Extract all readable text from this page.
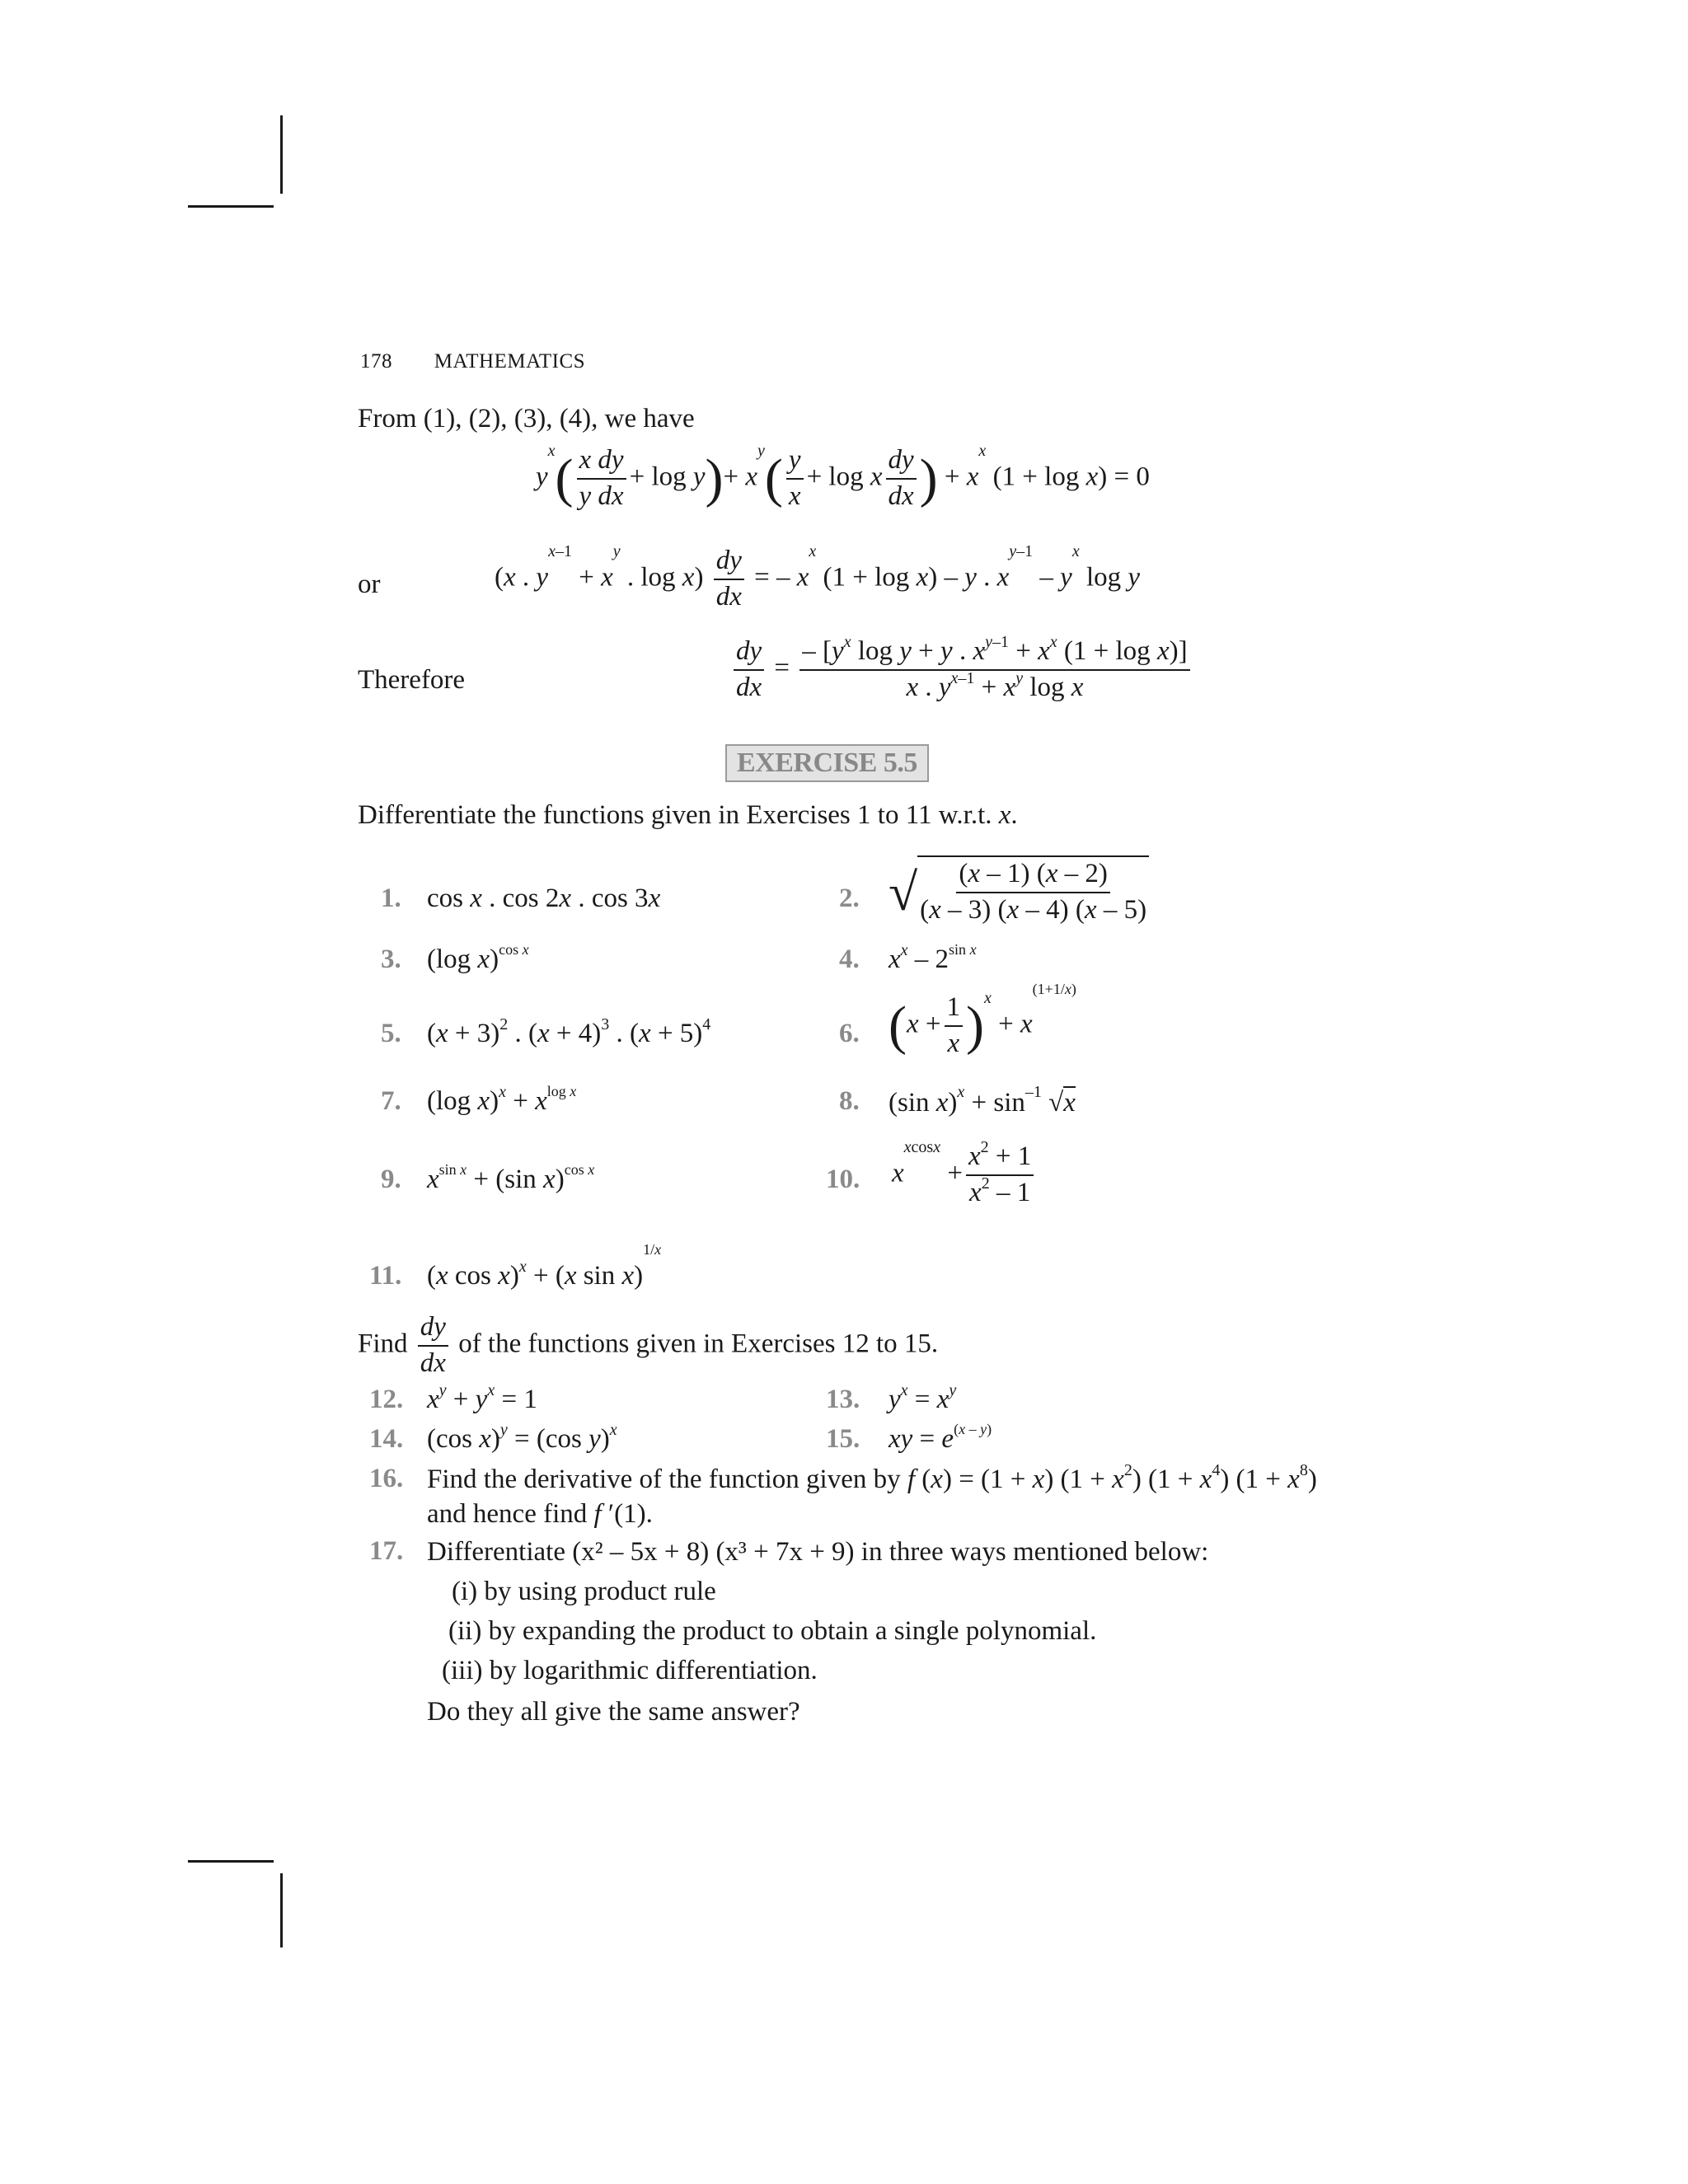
178 MATHEMATICS
From (1), (2), (3), (4), we have
$y^x( \frac{\text{x dy}}{\text{y dx}} + \log y)+ x^y( \frac{y}{x} + \log x \frac{dy}{dx}$ ) + $x^x$ (1 + log x) = 0
or	(x . $y^{x-1} + x^y$ . $\log x) \frac{dy}{dx}$ = – $x^x$ (1 + log x) – y . $x^{y-1} - y^x$ log y
Therefore	$\frac{dy}{dx} = \frac{- [y^x \log y + y . x^{y-1} + x^x (1 + \log x)]}{x . y^{x-1} + x^y \log x}$
EXERCISE 5.5
Differentiate the functions given in Exercises 1 to 11 w.r.t. x.
1. cos x . cos 2x . cos 3x	2. √ $\frac{(x - 1) (x - 2)}{(x - 3) (x - 4) (x - 5)}$
3. (log x)$^{cos x}$	4. $x^x - 2^{sin x}$
5. $(x + 3)^2$ . $(x + 4)^3$ . $(x + 5)^4$	6. $(x + \frac{1}{x} )^x + x^{(1+1/x)}$
7. (log $x)^x + x^{log x}$	8. (sin $x)^x + \sin^{-1} √x$
9. $x^{sin x} + (\sin$ x)$^{cos x}$	10. $x^{xcosx} + \frac{x^2 + 1}{x^2 - 1}$
11. (x cos x)$^x$ + (x sin x)$^{1/x}$
Find $\frac{dy}{dx}$ of the functions given in Exercises 12 to 15.
12. $x^y + y^x = 1$	13. $y^x = x^y$
14. (cos x)$^y$ = (cos y)$^x$	15. xy = $e^{(x - y)}$
16. Find the derivative of the function given by f (x) = (1 + x) $(1 + x^2)$ $(1 + x^4)$ $(1 + x^8)$
and hence find f ′(1).
17. Differentiate (x² – 5x + 8) (x³ + 7x + 9) in three ways mentioned below:
(i) by using product rule
(ii) by expanding the product to obtain a single polynomial.
(iii) by logarithmic differentiation.
Do they all give the same answer?
